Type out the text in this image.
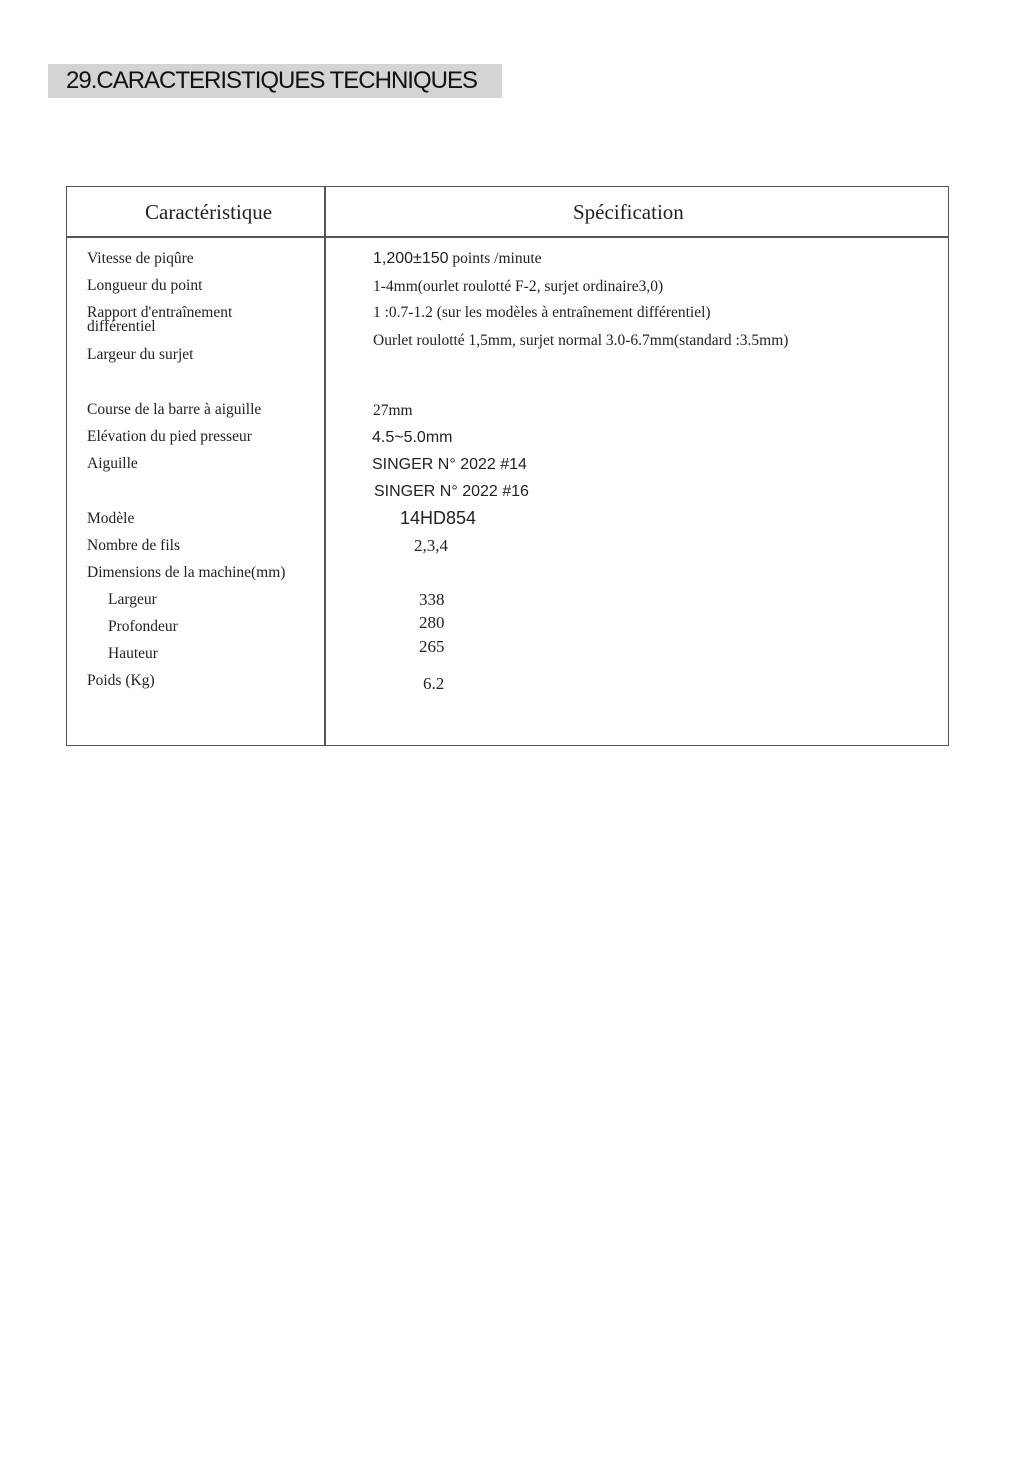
29.CARACTERISTIQUES TECHNIQUES
Caractéristique	Spécification
Vitesse de piqûre
Longueur du point
Rapport d'entraînement
différentiel
Largeur du surjet
Course de la barre à aiguille
Elévation du pied presseur
Aiguille
Modèle
Nombre de fils
Dimensions de la machine(mm)
Largeur
Profondeur
Hauteur
Poids (Kg)
1,200±150 points /minute
1-4mm(ourlet roulotté F-2, surjet ordinaire3,0)
1 :0.7-1.2 (sur les modèles à entraînement différentiel)
Ourlet roulotté 1,5mm, surjet normal 3.0-6.7mm(standard :3.5mm)
27mm
4.5~5.0mm
SINGER N° 2022 #14
SINGER N° 2022 #16
14HD854
2,3,4
338
280
265
6.2
